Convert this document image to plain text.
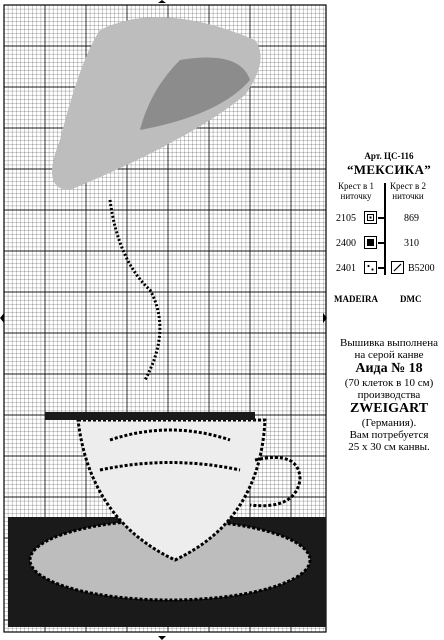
Арт. ЦС-116
“МЕКСИКА”
Крест в 1 ниточку
Крест в 2 ниточки
2105	869
2400	310
2401	B5200
MADEIRA DMC
Вышивка выполнена
на серой канве
Аида № 18
(70 клеток в 10 см)
производства
ZWEIGART
(Германия).
Вам потребуется
25 х 30 см канвы.
